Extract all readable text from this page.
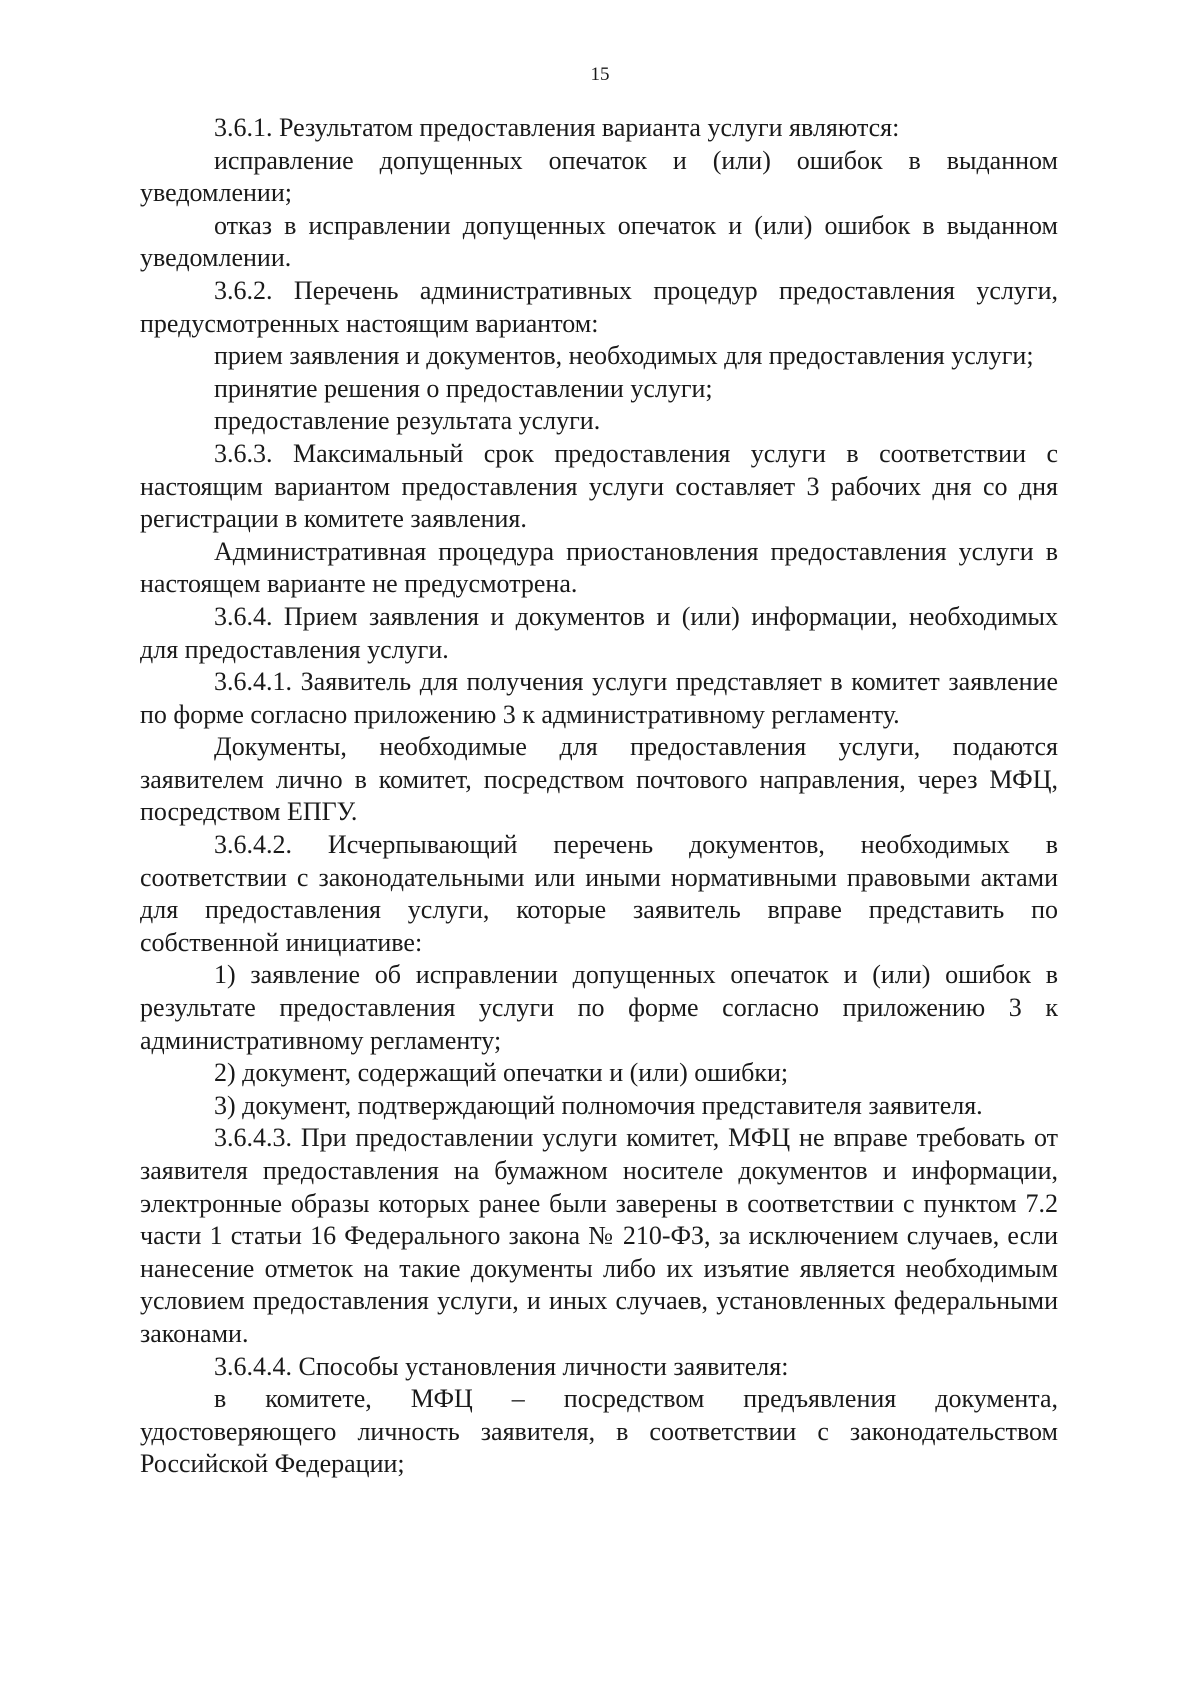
15

3.6.1. Результатом предоставления варианта услуги являются:

исправление допущенных опечаток и (или) ошибок в выданном уведомлении;

отказ в исправлении допущенных опечаток и (или) ошибок в выданном уведомлении.

3.6.2. Перечень административных процедур предоставления услуги, предусмотренных настоящим вариантом:

прием заявления и документов, необходимых для предоставления услуги;

принятие решения о предоставлении услуги;

предоставление результата услуги.

3.6.3. Максимальный срок предоставления услуги в соответствии с настоящим вариантом предоставления услуги составляет 3 рабочих дня со дня регистрации в комитете заявления.

Административная процедура приостановления предоставления услуги в настоящем варианте не предусмотрена.

3.6.4. Прием заявления и документов и (или) информации, необходимых для предоставления услуги.

3.6.4.1. Заявитель для получения услуги представляет в комитет заявление по форме согласно приложению 3 к административному регламенту.

Документы, необходимые для предоставления услуги, подаются заявителем лично в комитет, посредством почтового направления, через МФЦ, посредством ЕПГУ.

3.6.4.2. Исчерпывающий перечень документов, необходимых в соответствии с законодательными или иными нормативными правовыми актами для предоставления услуги, которые заявитель вправе представить по собственной инициативе:

1) заявление об исправлении допущенных опечаток и (или) ошибок в результате предоставления услуги по форме согласно приложению 3 к административному регламенту;

2) документ, содержащий опечатки и (или) ошибки;

3) документ, подтверждающий полномочия представителя заявителя.

3.6.4.3. При предоставлении услуги комитет, МФЦ не вправе требовать от заявителя предоставления на бумажном носителе документов и информации, электронные образы которых ранее были заверены в соответствии с пунктом 7.2 части 1 статьи 16 Федерального закона № 210-ФЗ, за исключением случаев, если нанесение отметок на такие документы либо их изъятие является необходимым условием предоставления услуги, и иных случаев, установленных федеральными законами.

3.6.4.4. Способы установления личности заявителя:

в комитете, МФЦ – посредством предъявления документа, удостоверяющего личность заявителя, в соответствии с законодательством Российской Федерации;
